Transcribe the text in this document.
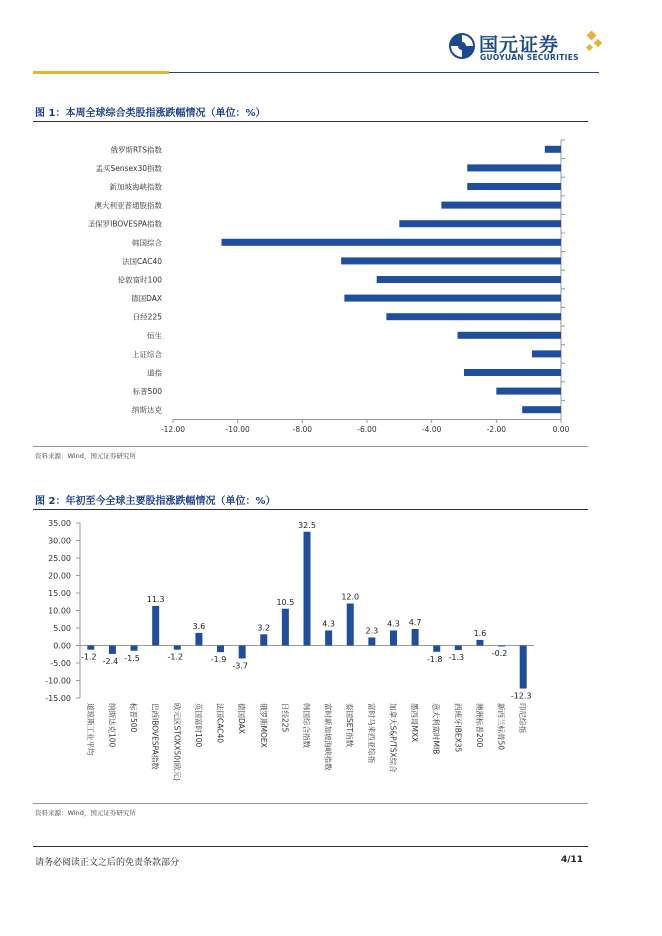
国元证券
GUOYUAN SECURITIES
图 1：本周全球综合类股指涨跌幅情况（单位：%）
-12.00	-10.00	-8.00	-6.00	-4.00	-2.00	0.00
俄罗斯RTS指数
孟买Sensex30指数
新加坡海峡指数
澳大利亚普通股指数
圣保罗IBOVESPA指数
韩国综合
法国CAC40
伦敦富时100
德国DAX
日经225
恒生
上证综合
道指
标普500
纳斯达克
资料来源：Wind，国元证券研究所
图 2：年初至今全球主要股指涨跌幅情况（单位：%）
35.00
30.00
25.00
20.00
15.00
10.00
5.00
0.00
-5.00
-10.00
-15.00
-1.2
道琼斯工业平均
-2.4
纳斯达克100
-1.5
标普500
11.3
巴西IBOVESPA指数
-1.2
欧元区STOXX50(欧元)
3.6
英国富时100
-1.9
法国CAC40
-3.7
德国DAX
3.2
俄罗斯MOEX
10.5
日经225
32.5
韩国综合指数
4.3
富时新加坡海峡指数
12.0
泰国SET指数
2.3
富时马来西亚综指
4.3
加拿大S&P/TSX综合
4.7
墨西哥MXX
-1.8
意大利富时MIB
-1.3
西班牙IBEX35
1.6
澳洲标普200
-0.2
新西兰标普50
-12.3
印尼综指
资料来源：Wind，国元证券研究所
请务必阅读正文之后的免责条款部分	4/11
